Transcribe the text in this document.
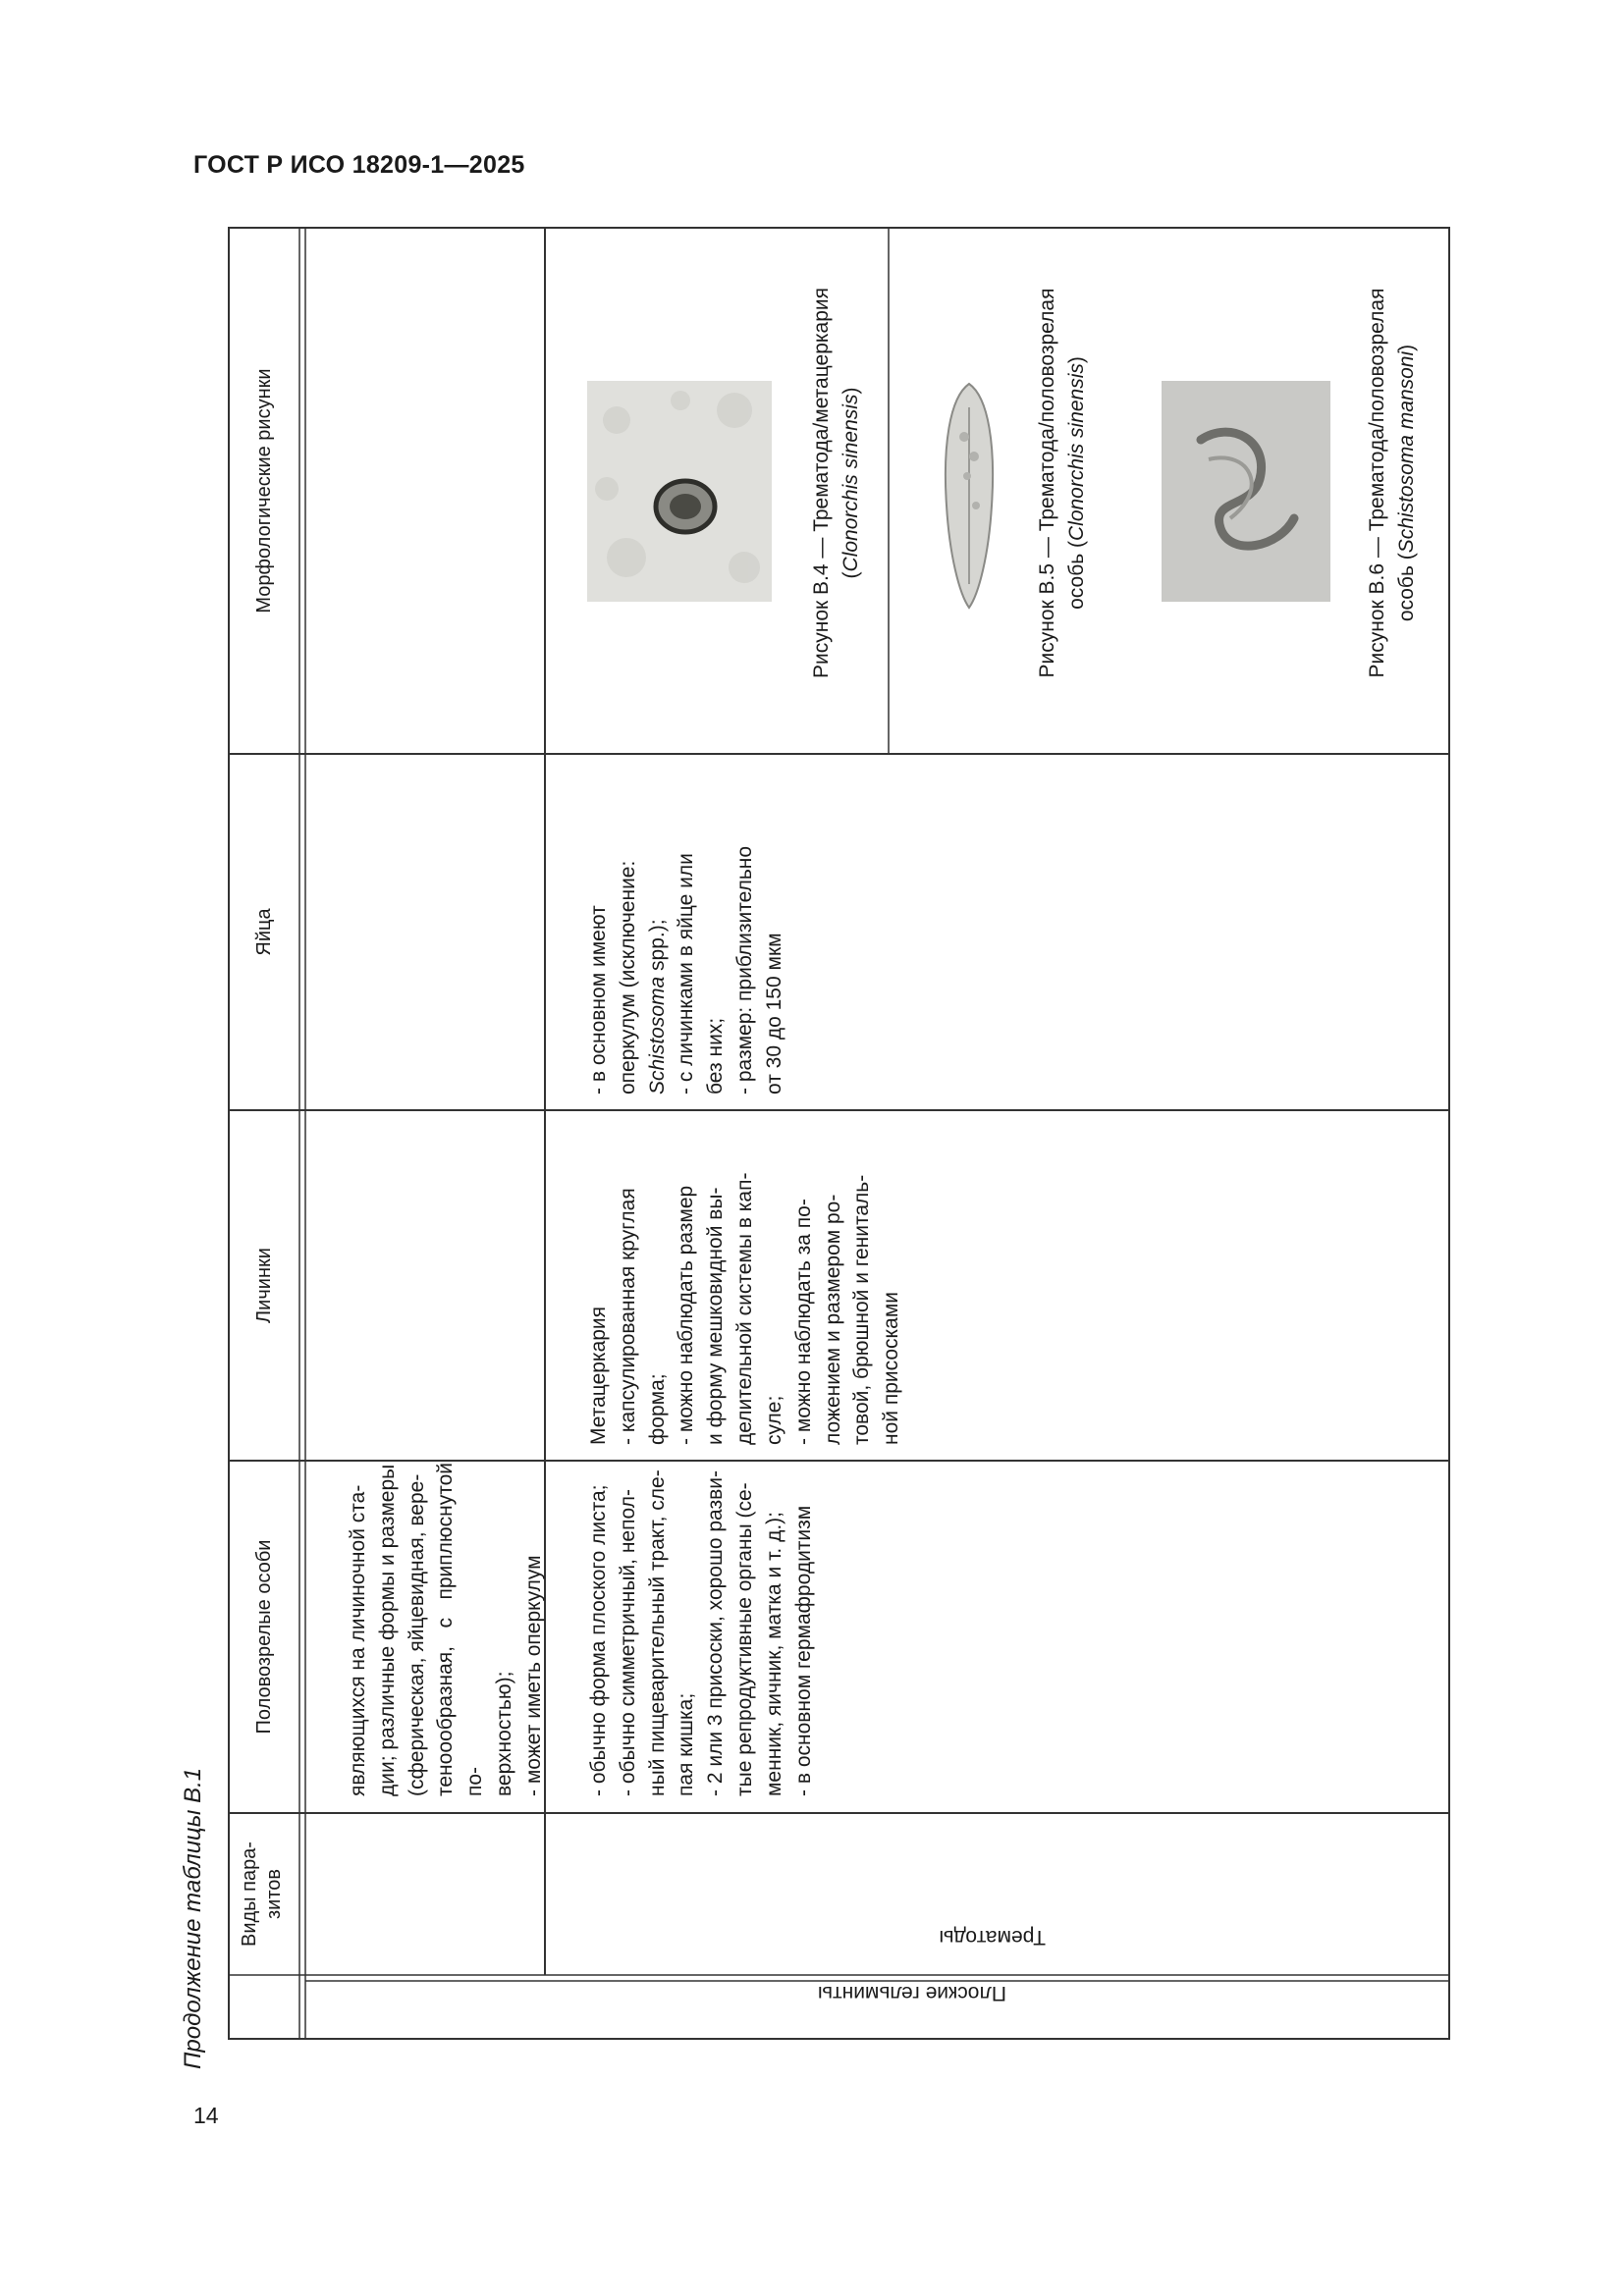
ГОСТ Р ИСО 18209-1—2025
Продолжение таблицы В.1
14

Морфологические рисунки

Яйца

Личинки

Половозрелые особи

Виды пара- зитов

Плоские гельминты
Трематоды

являющихся на личиночной ста- дии; различные формы и размеры (сферическая, яйцевидная, вере- теноообразная, с приплюснутой по- верхностью); - может иметь оперкулум - обычно форма плоского листа; - обычно симметричный, непол- ный пищеварительный тракт, сле- пая кишка; - 2 или 3 присоски, хорошо разви- тые репродуктивные органы (се- менник, яичник, матка и т. д.); - в основном гермафродитизм

Метацеркария - капсулированная круглая форма; - можно наблюдать размер и форму мешковидной вы- делительной системы в кап- суле; - можно наблюдать за по- ложением и размером ро- товой, брюшной и гениталь- ной присосками

- в основном имеют оперкулум (исключение: Schistosoma spp.); - с личинками в яйце или без них; - размер: приблизительно от 30 до 150 мкм

Рисунок В.4 — Трематода/метацеркария (Clonorchis sinensis)	Рисунок В.5 — Трематода/половозрелая особь (Clonorchis sinensis)	Рисунок В.6 — Трематода/половозрелая особь (Schistosoma mansoni)
